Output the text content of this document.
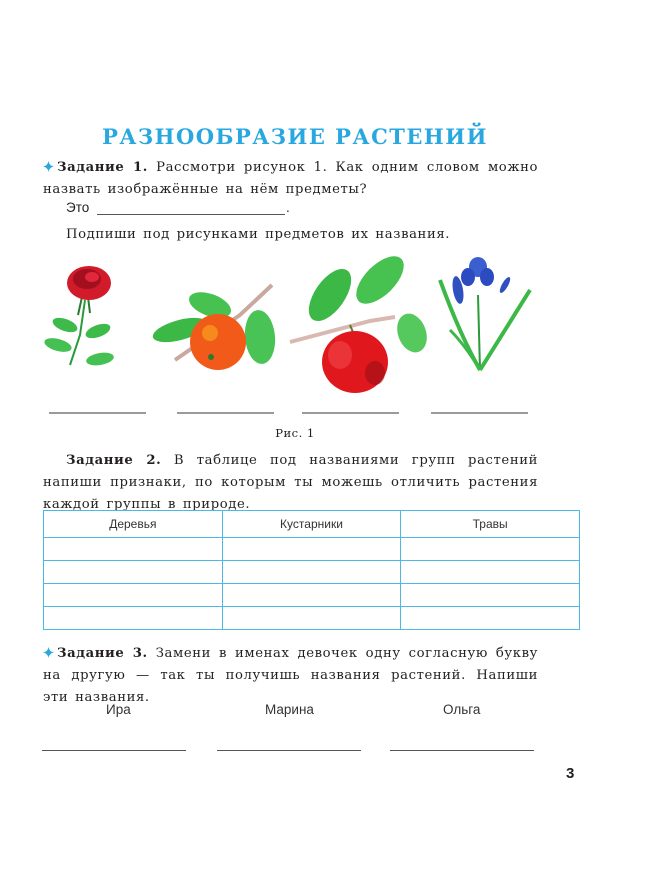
РАЗНООБРАЗИЕ РАСТЕНИЙ
Задание 1. Рассмотри рисунок 1. Как одним словом можно назвать изображённые на нём предметы?
Это	.
Подпиши под рисунками предметов их названия.
Рис. 1
Задание 2. В таблице под названиями групп растений напиши признаки, по которым ты можешь отличить растения каждой группы в природе.
Деревья	Кустарники	Травы

Задание 3. Замени в именах девочек одну согласную букву на другую — так ты получишь названия растений. Напиши эти названия.
Ира	Марина	Ольга
3
